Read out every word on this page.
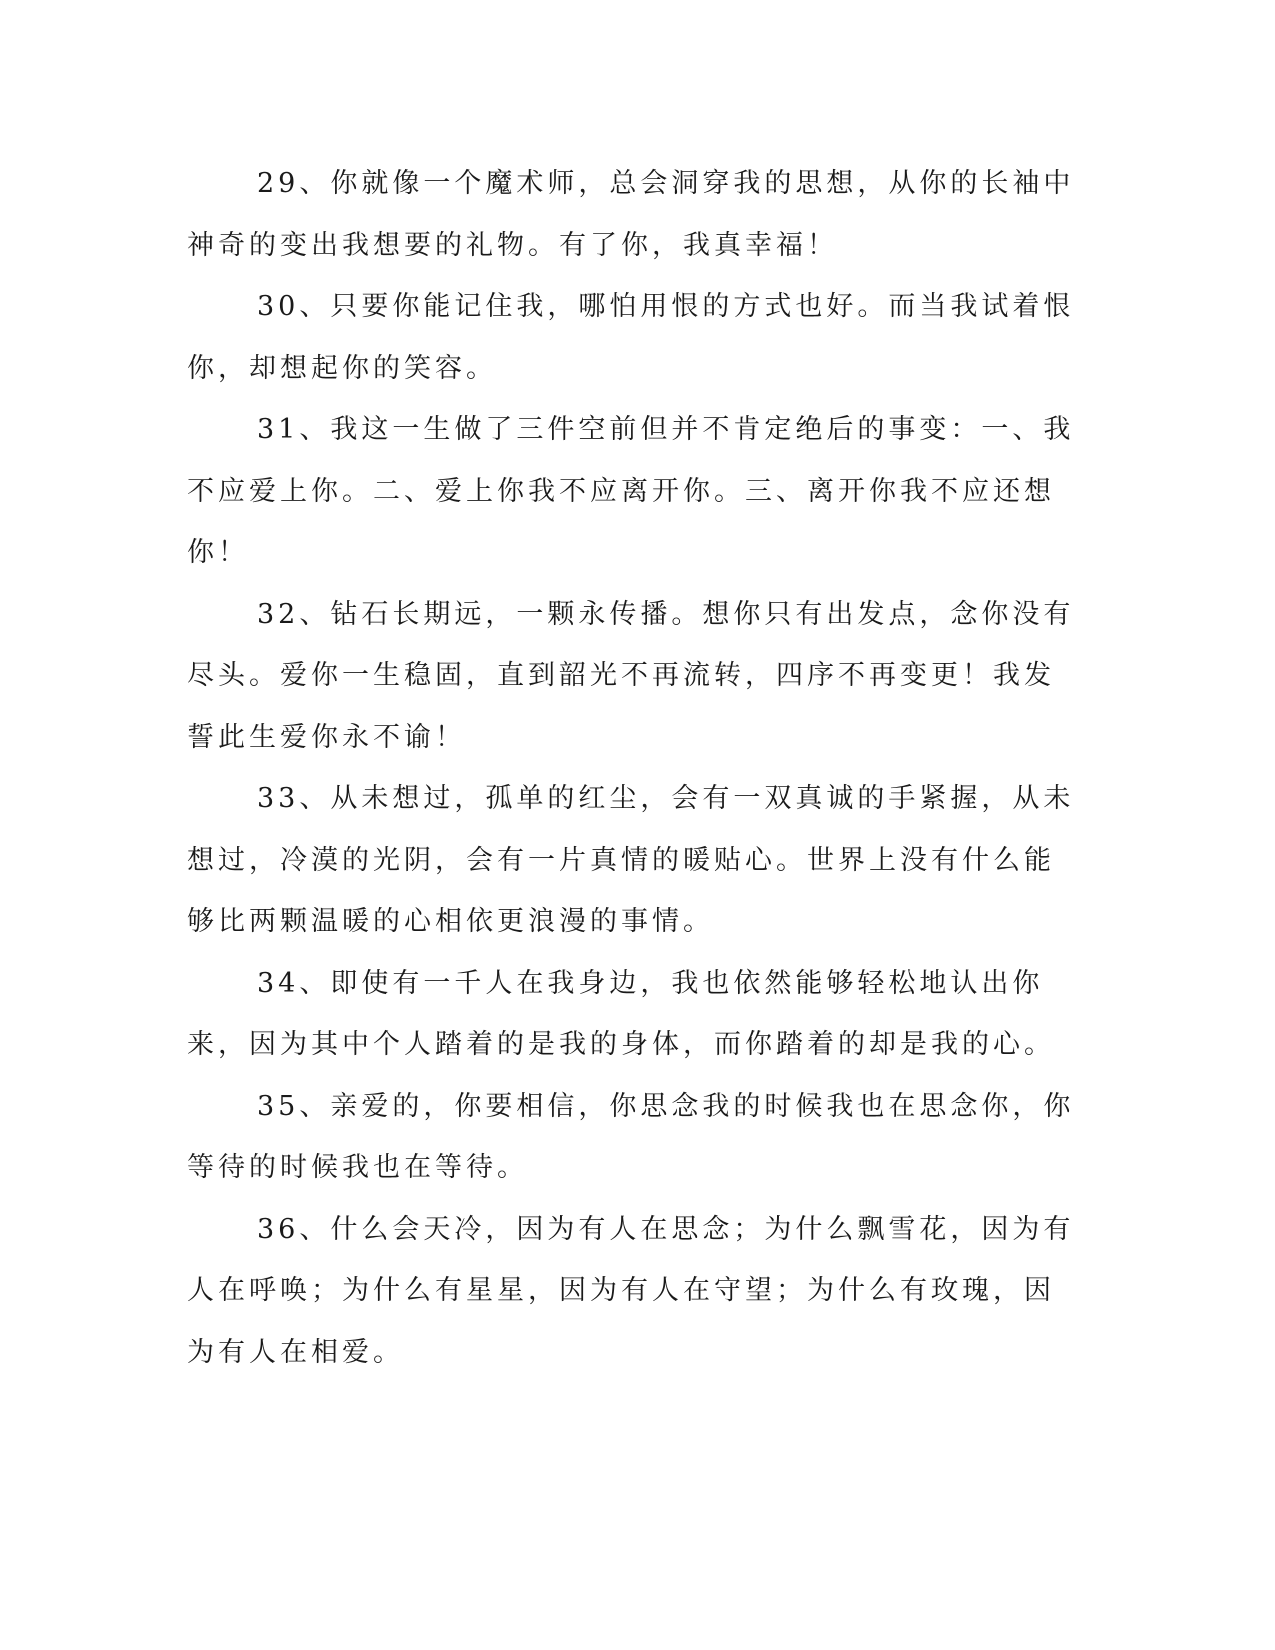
29、你就像一个魔术师，总会洞穿我的思想，从你的长袖中神奇的变出我想要的礼物。有了你，我真幸福！

30、只要你能记住我，哪怕用恨的方式也好。而当我试着恨你，却想起你的笑容。

31、我这一生做了三件空前但并不肯定绝后的事变：一、我不应爱上你。二、爱上你我不应离开你。三、离开你我不应还想你！

32、钻石长期远，一颗永传播。想你只有出发点，念你没有尽头。爱你一生稳固，直到韶光不再流转，四序不再变更！我发誓此生爱你永不谕！

33、从未想过，孤单的红尘，会有一双真诚的手紧握，从未想过，冷漠的光阴，会有一片真情的暖贴心。世界上没有什么能够比两颗温暖的心相依更浪漫的事情。

34、即使有一千人在我身边，我也依然能够轻松地认出你来，因为其中个人踏着的是我的身体，而你踏着的却是我的心。

35、亲爱的，你要相信，你思念我的时候我也在思念你，你等待的时候我也在等待。

36、什么会天冷，因为有人在思念；为什么飘雪花，因为有人在呼唤；为什么有星星，因为有人在守望；为什么有玫瑰，因为有人在相爱。
